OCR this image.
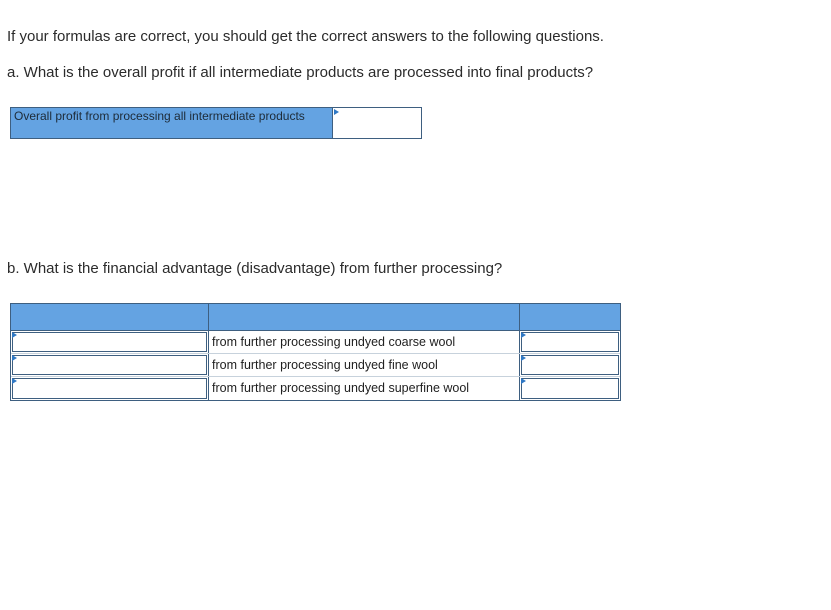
If your formulas are correct, you should get the correct answers to the following questions.
a. What is the overall profit if all intermediate products are processed into final products?
Overall profit from processing all intermediate products
b. What is the financial advantage (disadvantage) from further processing?
from further processing undyed coarse wool
from further processing undyed fine wool
from further processing undyed superfine wool
